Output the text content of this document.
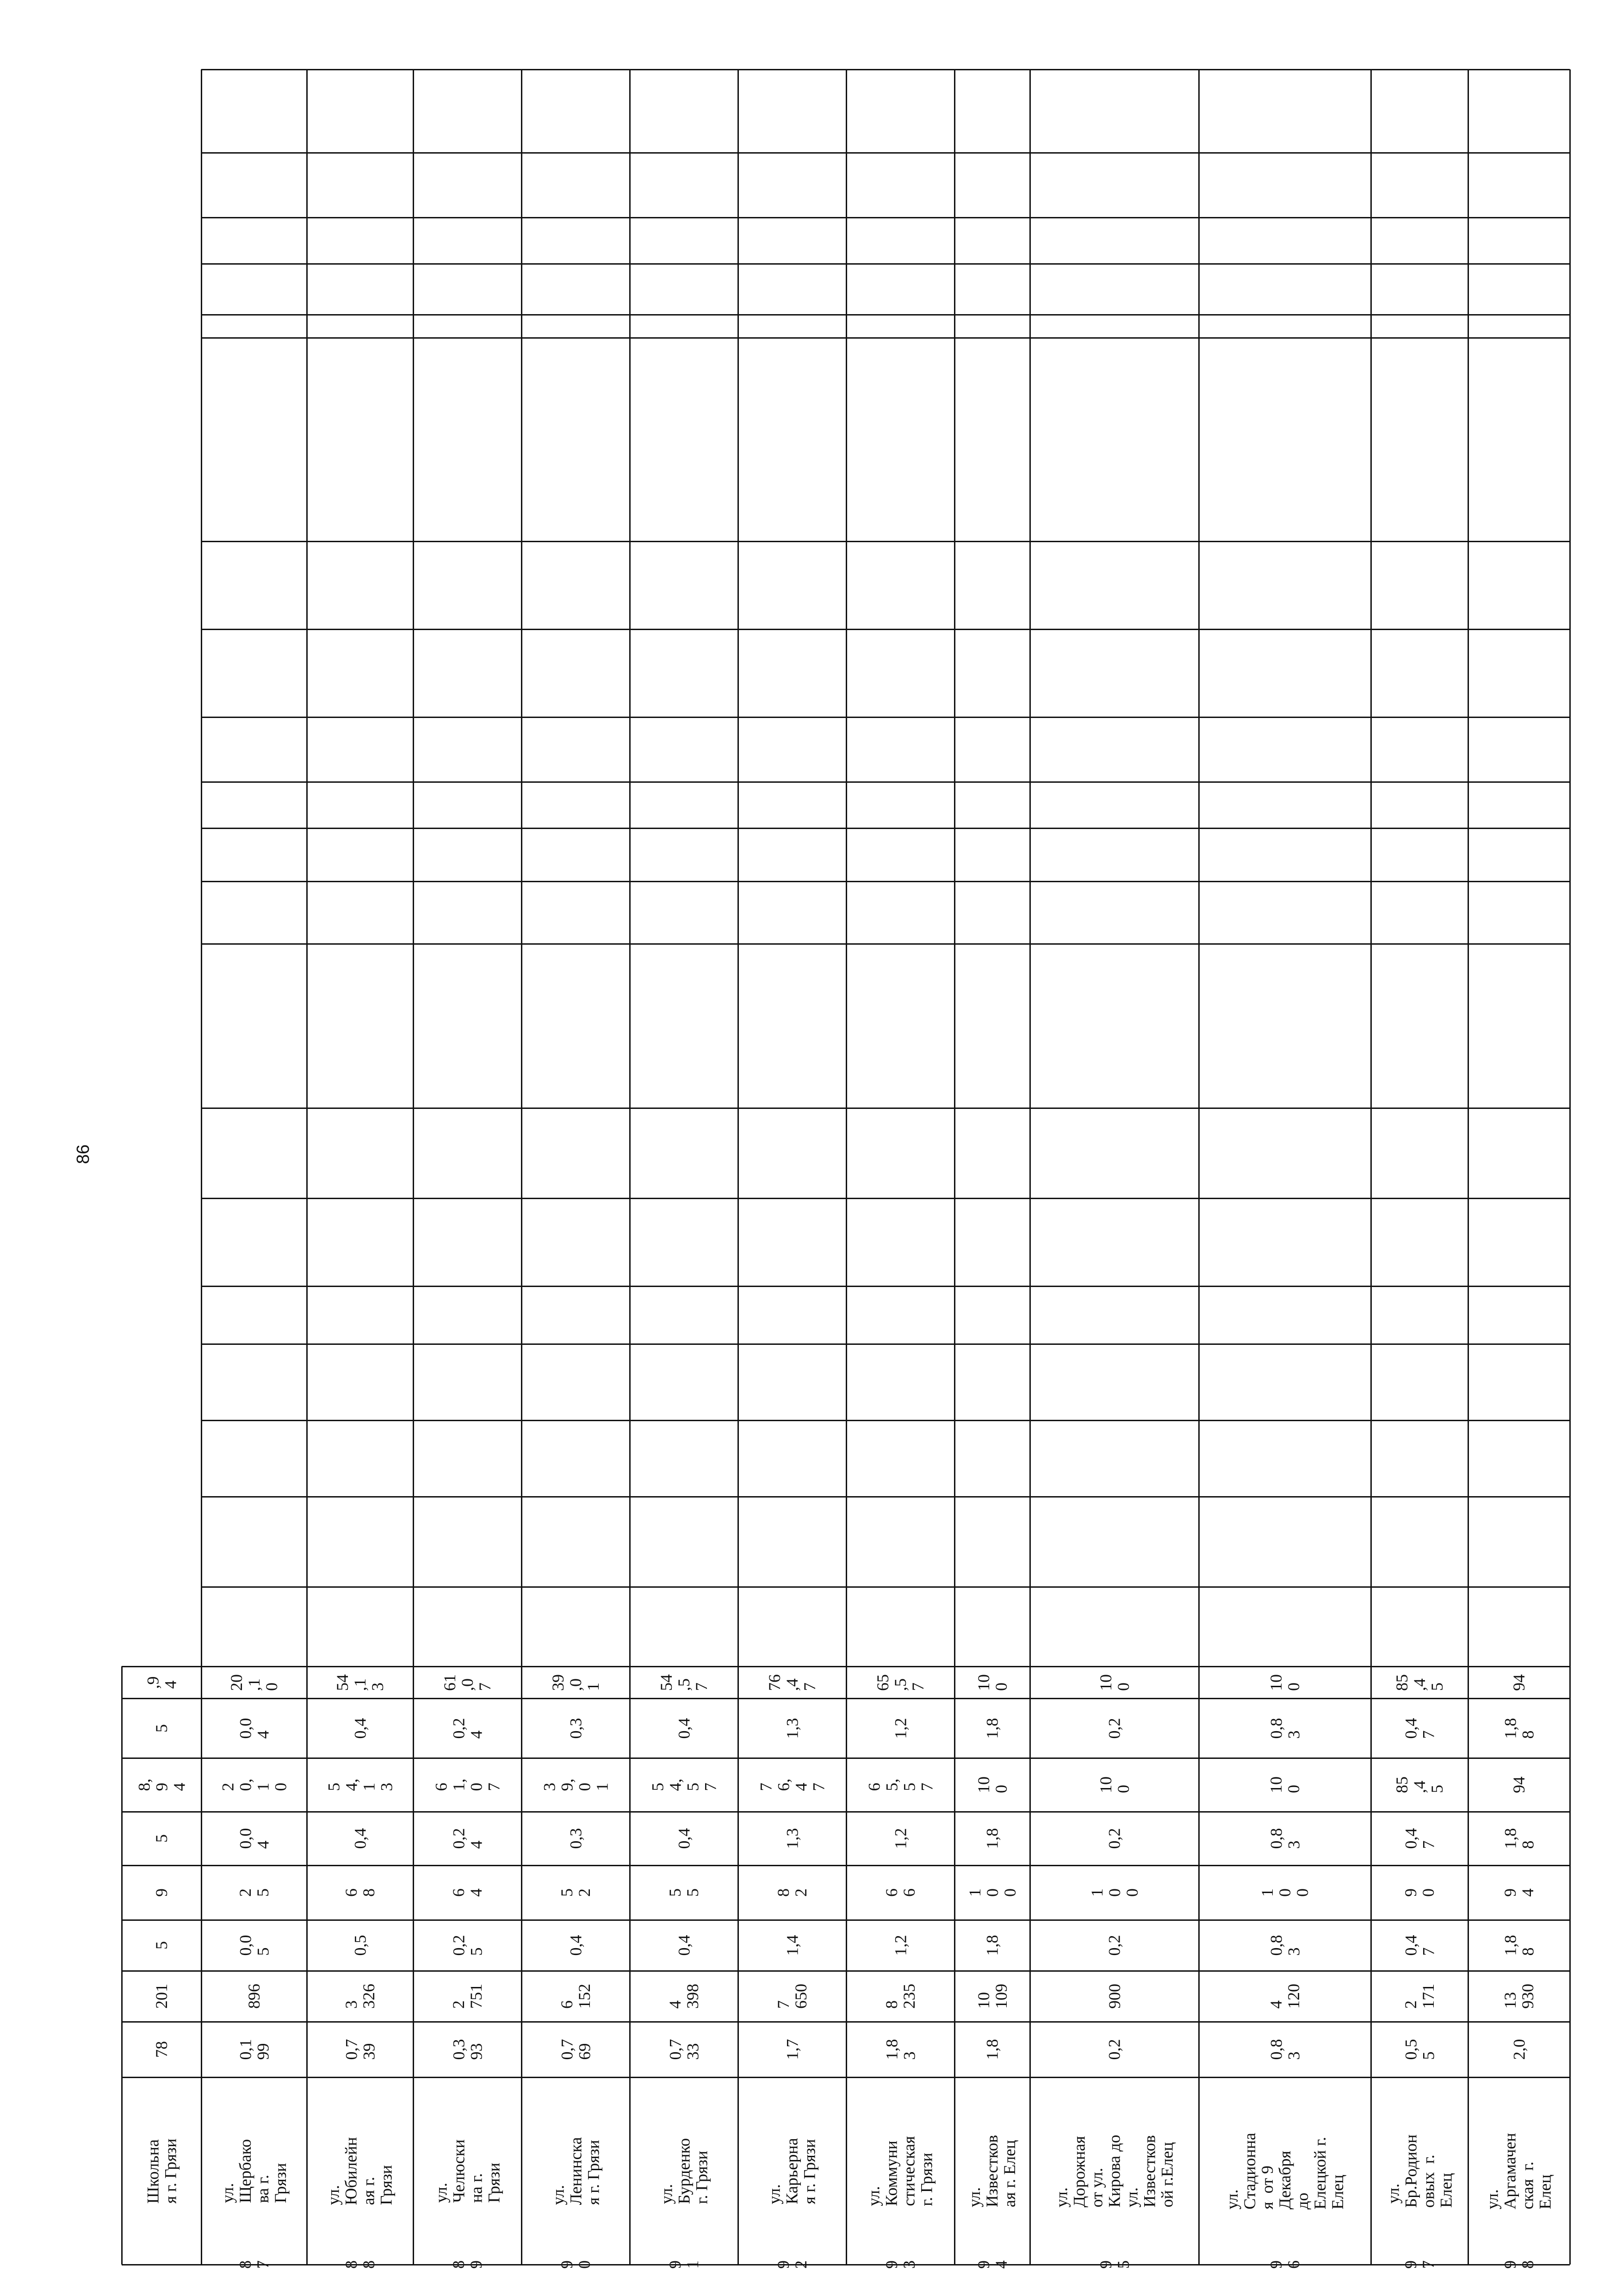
86
,9
4
5
8,
9
4
5
9
5
201
78
Школьна
я г. Грязи
20
,1
0
0,0
4
2
0,
1
0
0,0
4
2
5
0,0
5
896
0,1
99
ул.
Щербако
ва г.
Грязи
8
7
54
,1
3
0,4
5
4,
1
3
0,4
6
8
0,5
3
326
0,7
39
ул.
Юбилейн
ая г.
Грязи
8
8
61
,0
7
0,2
4
6
1,
0
7
0,2
4
6
4
0,2
5
2
751
0,3
93
ул.
Челюски
на г.
Грязи
8
9
39
,0
1
0,3
3
9,
0
1
0,3
5
2
0,4
6
152
0,7
69
ул.
Ленинска
я г. Грязи
9
0
54
,5
7
0,4
5
4,
5
7
0,4
5
5
0,4
4
398
0,7
33
ул.
Бурденко
г. Грязи
9
1
76
,4
7
1,3
7
6,
4
7
1,3
8
2
1,4
7
650
1,7
ул.
Карьерна
я г. Грязи
9
2
65
,5
7
1,2
6
5,
5
7
1,2
6
6
1,2
8
235
1,8
3
ул.
Коммуни
стическая
г. Грязи
9
3
10
0
1,8
10
0
1,8
1
0
0
1,8
10
109
1,8
ул.
Известков
ая г. Елец
9
4
10
0
0,2
10
0
0,2
1
0
0
0,2
900
0,2
ул.
Дорожная
от ул.
Кирова до
ул.
Известков
ой г.Елец
9
5
10
0
0,8
3
10
0
0,8
3
1
0
0
0,8
3
4
120
0,8
3
ул.
Стадионна
я  от 9
Декабря
до
Елецкой г.
Елец
9
6
85
,4
5
0,4
7
85
,4
5
0,4
7
9
0
0,4
7
2
171
0,5
5
ул.
Бр.Родион
овых  г.
Елец
9
7
94
1,8
8
94
1,8
8
9
4
1,8
8
13
930
2,0
ул.
Аргамачен
ская  г.
Елец
9
8
